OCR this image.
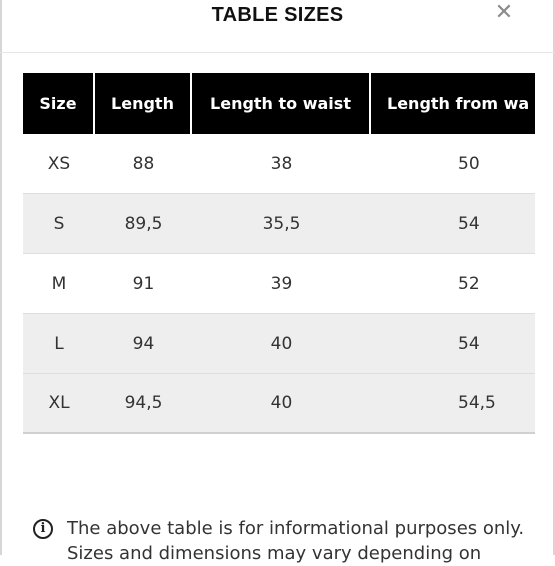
TABLE SIZES	✕
Size	Length	Length to waist	Length from wa
XS	88	38	50
S	89,5	35,5	54
M	91	39	52
L	94	40	54
XL	94,5	40	54,5
i	The above table is for informational purposes only. Sizes and dimensions may vary depending on
